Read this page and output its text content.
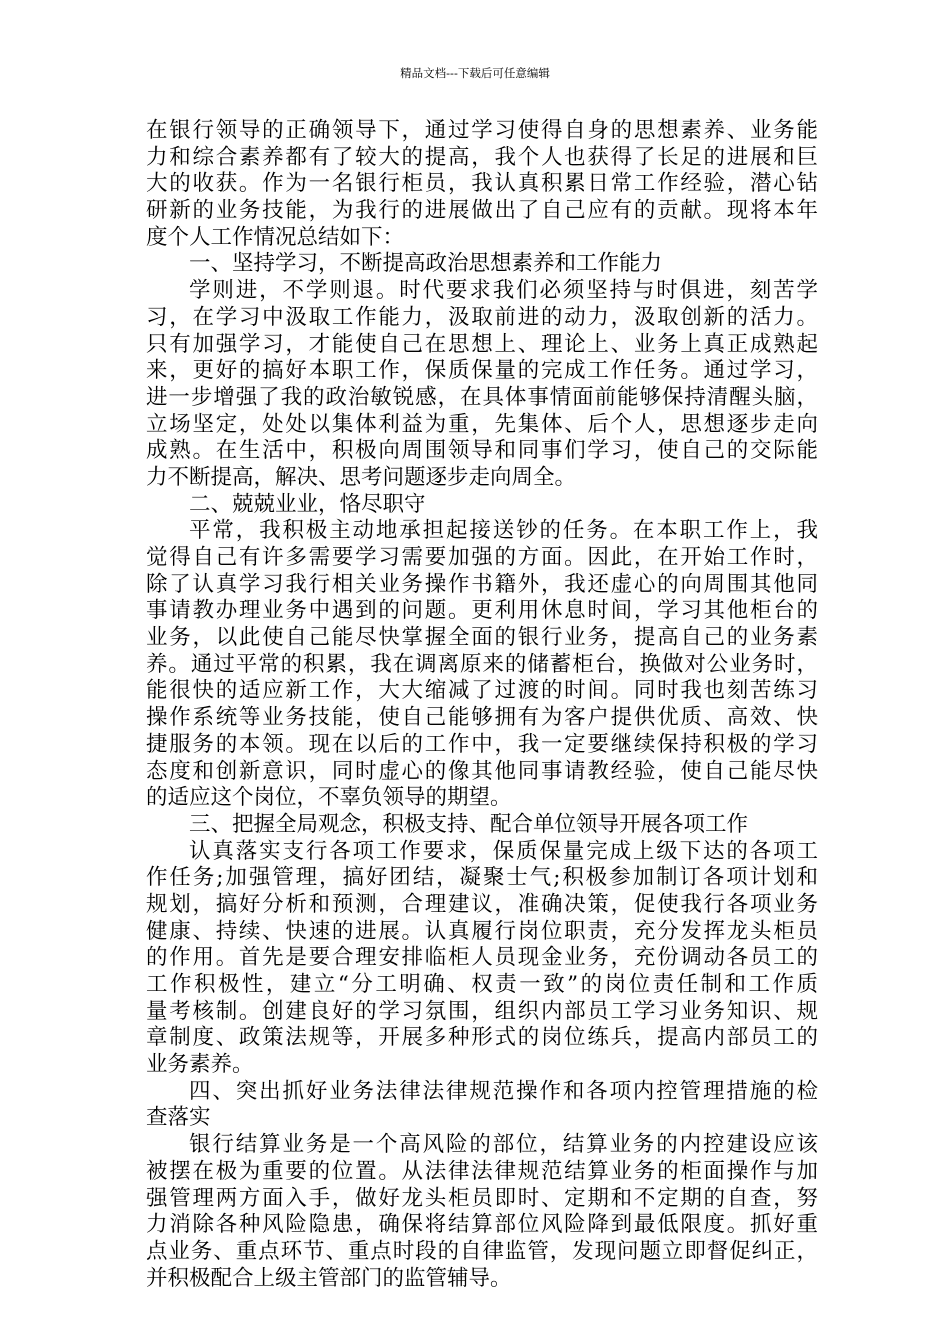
精品文档---下载后可任意编辑
在银行领导的正确领导下，通过学习使得自身的思想素养、业务能
力和综合素养都有了较大的提高，我个人也获得了长足的进展和巨
大的收获。作为一名银行柜员，我认真积累日常工作经验，潜心钻
研新的业务技能，为我行的进展做出了自己应有的贡献。现将本年
度个人工作情况总结如下：
一、坚持学习，不断提高政治思想素养和工作能力
学则进，不学则退。时代要求我们必须坚持与时俱进，刻苦学
习，在学习中汲取工作能力，汲取前进的动力，汲取创新的活力。
只有加强学习，才能使自己在思想上、理论上、业务上真正成熟起
来，更好的搞好本职工作，保质保量的完成工作任务。通过学习，
进一步增强了我的政治敏锐感，在具体事情面前能够保持清醒头脑，
立场坚定，处处以集体利益为重，先集体、后个人，思想逐步走向
成熟。在生活中，积极向周围领导和同事们学习，使自己的交际能
力不断提高，解决、思考问题逐步走向周全。
二、兢兢业业，恪尽职守
平常，我积极主动地承担起接送钞的任务。在本职工作上，我
觉得自己有许多需要学习需要加强的方面。因此，在开始工作时，
除了认真学习我行相关业务操作书籍外，我还虚心的向周围其他同
事请教办理业务中遇到的问题。更利用休息时间，学习其他柜台的
业务，以此使自己能尽快掌握全面的银行业务，提高自己的业务素
养。通过平常的积累，我在调离原来的储蓄柜台，换做对公业务时，
能很快的适应新工作，大大缩减了过渡的时间。同时我也刻苦练习
操作系统等业务技能，使自己能够拥有为客户提供优质、高效、快
捷服务的本领。现在以后的工作中，我一定要继续保持积极的学习
态度和创新意识，同时虚心的像其他同事请教经验，使自己能尽快
的适应这个岗位，不辜负领导的期望。
三、把握全局观念，积极支持、配合单位领导开展各项工作
认真落实支行各项工作要求，保质保量完成上级下达的各项工
作任务;加强管理，搞好团结，凝聚士气;积极参加制订各项计划和
规划，搞好分析和预测，合理建议，准确决策，促使我行各项业务
健康、持续、快速的进展。认真履行岗位职责，充分发挥龙头柜员
的作用。首先是要合理安排临柜人员现金业务，充份调动各员工的
工作积极性，建立“分工明确、权责一致”的岗位责任制和工作质
量考核制。创建良好的学习氛围，组织内部员工学习业务知识、规
章制度、政策法规等，开展多种形式的岗位练兵，提高内部员工的
业务素养。
四、突出抓好业务法律法律规范操作和各项内控管理措施的检
查落实
银行结算业务是一个高风险的部位，结算业务的内控建设应该
被摆在极为重要的位置。从法律法律规范结算业务的柜面操作与加
强管理两方面入手，做好龙头柜员即时、定期和不定期的自查，努
力消除各种风险隐患，确保将结算部位风险降到最低限度。抓好重
点业务、重点环节、重点时段的自律监管，发现问题立即督促纠正，
并积极配合上级主管部门的监管辅导。
